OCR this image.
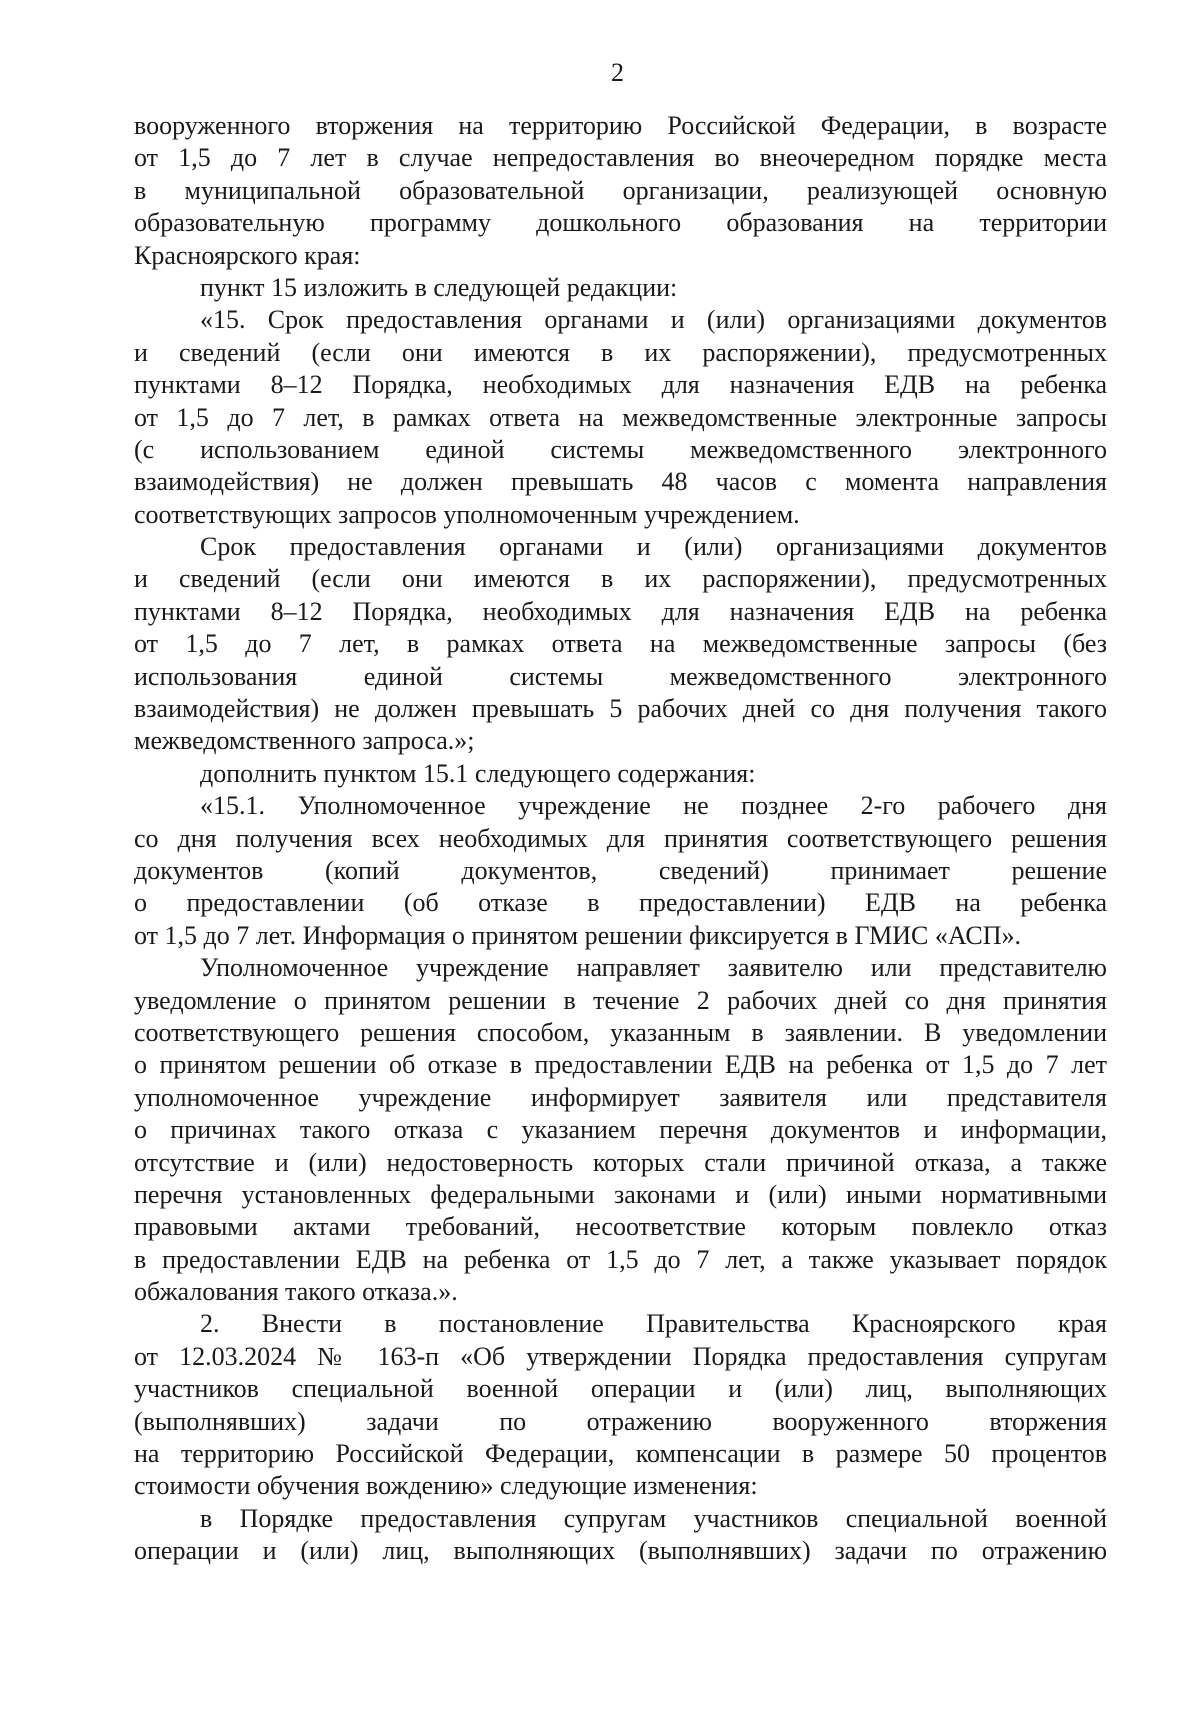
2
вооруженного вторжения на территорию Российской Федерации, в возрасте
от 1,5 до 7 лет в случае непредоставления во внеочередном порядке места
в муниципальной образовательной организации, реализующей основную
образовательную программу дошкольного образования на территории
Красноярского края:
пункт 15 изложить в следующей редакции:
«15. Срок предоставления органами и (или) организациями документов
и сведений (если они имеются в их распоряжении), предусмотренных
пунктами 8–12 Порядка, необходимых для назначения ЕДВ на ребенка
от 1,5 до 7 лет, в рамках ответа на межведомственные электронные запросы
(с использованием единой системы межведомственного электронного
взаимодействия) не должен превышать 48 часов с момента направления
соответствующих запросов уполномоченным учреждением.
Срок предоставления органами и (или) организациями документов
и сведений (если они имеются в их распоряжении), предусмотренных
пунктами 8–12 Порядка, необходимых для назначения ЕДВ на ребенка
от 1,5 до 7 лет, в рамках ответа на межведомственные запросы (без
использования единой системы межведомственного электронного
взаимодействия) не должен превышать 5 рабочих дней со дня получения такого
межведомственного запроса.»;
дополнить пунктом 15.1 следующего содержания:
«15.1. Уполномоченное учреждение не позднее 2-го рабочего дня
со дня получения всех необходимых для принятия соответствующего решения
документов (копий документов, сведений) принимает решение
о предоставлении (об отказе в предоставлении) ЕДВ на ребенка
от 1,5 до 7 лет. Информация о принятом решении фиксируется в ГМИС «АСП».
Уполномоченное учреждение направляет заявителю или представителю
уведомление о принятом решении в течение 2 рабочих дней со дня принятия
соответствующего решения способом, указанным в заявлении. В уведомлении
о принятом решении об отказе в предоставлении ЕДВ на ребенка от 1,5 до 7 лет
уполномоченное учреждение информирует заявителя или представителя
о причинах такого отказа с указанием перечня документов и информации,
отсутствие и (или) недостоверность которых стали причиной отказа, а также
перечня установленных федеральными законами и (или) иными нормативными
правовыми актами требований, несоответствие которым повлекло отказ
в предоставлении ЕДВ на ребенка от 1,5 до 7 лет, а также указывает порядок
обжалования такого отказа.».
2. Внести в постановление Правительства Красноярского края
от 12.03.2024 № 163-п «Об утверждении Порядка предоставления супругам
участников специальной военной операции и (или) лиц, выполняющих
(выполнявших) задачи по отражению вооруженного вторжения
на территорию Российской Федерации, компенсации в размере 50 процентов
стоимости обучения вождению» следующие изменения:
в Порядке предоставления супругам участников специальной военной
операции и (или) лиц, выполняющих (выполнявших) задачи по отражению
